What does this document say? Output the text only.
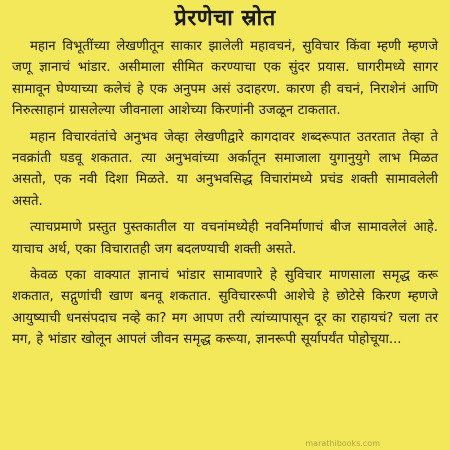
प्रेरणेचा स्रोत

महान विभूतींच्या लेखणीतून साकार झालेली महावचनं, सुविचार किंवा म्हणी म्हणजे जणू ज्ञानाचं भांडार. असीमाला सीमित करण्याचा एक सुंदर प्रयास. घागरीमध्ये सागर सामावून घेण्याच्या कलेचं हे एक अनुपम असं उदाहरण. कारण ही वचनं, निराशेनं आणि निरुत्साहानं ग्रासलेल्या जीवनाला आशेच्या किरणांनी उजळून टाकतात.

महान विचारवंतांचे अनुभव जेव्हा लेखणीद्वारे कागदावर शब्दरूपात उतरतात तेव्हा ते नवक्रांती घडवू शकतात. त्या अनुभवांच्या अर्कातून समाजाला युगानुयुगे लाभ मिळत असतो, एक नवी दिशा मिळते. या अनुभवसिद्ध विचारांमध्ये प्रचंड शक्ती सामावलेली असते.

त्याचप्रमाणे प्रस्तुत पुस्तकातील या वचनांमध्येही नवनिर्माणाचं बीज सामावलेलं आहे. याचाच अर्थ, एका विचारातही जग बदलण्याची शक्ती असते.

केवळ एका वाक्यात ज्ञानाचं भांडार सामावणारे हे सुविचार माणसाला समृद्ध करू शकतात, सद्गुणांची खाण बनवू शकतात. सुविचाररूपी आशेचे हे छोटेसे किरण म्हणजे आयुष्याची धनसंपदाच नव्हे का? मग आपण तरी त्यांच्यापासून दूर का राहायचं? चला तर मग, हे भांडार खोलून आपलं जीवन समृद्ध करूया, ज्ञानरूपी सूर्यापर्यंत पोहोचूया...

marathibooks.com
